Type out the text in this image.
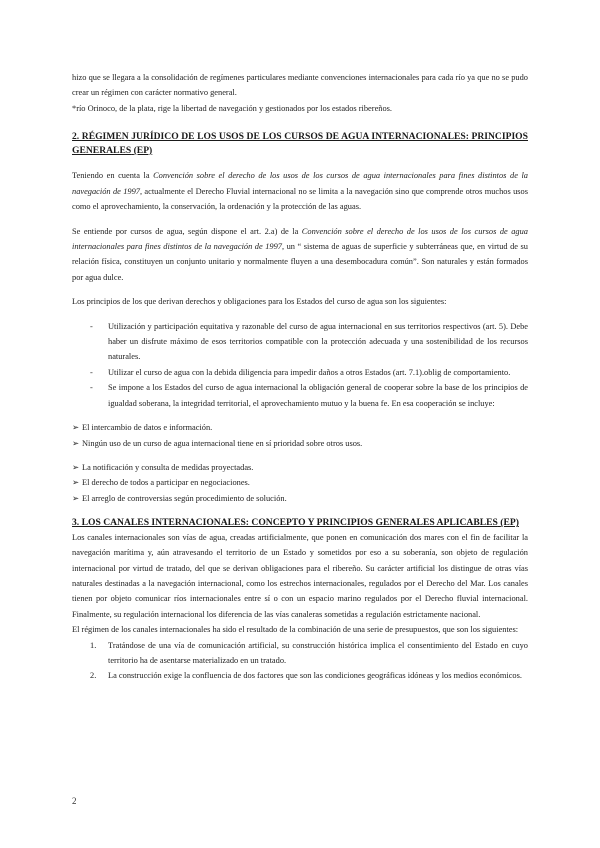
hizo que se llegara a la consolidación de regímenes particulares mediante convenciones internacionales para cada río ya que no se pudo crear un régimen con carácter normativo general.

*río Orinoco, de la plata, rige la libertad de navegación y gestionados por los estados ribereños.

2. RÉGIMEN JURÍDICO DE LOS USOS DE LOS CURSOS DE AGUA INTERNACIONALES: PRINCIPIOS GENERALES (EP)

Teniendo en cuenta la Convención sobre el derecho de los usos de los cursos de agua internacionales para fines distintos de la navegación de 1997, actualmente el Derecho Fluvial internacional no se limita a la navegación sino que comprende otros muchos usos como el aprovechamiento, la conservación, la ordenación y la protección de las aguas.

Se entiende por cursos de agua, según dispone el art. 2.a) de la Convención sobre el derecho de los usos de los cursos de agua internacionales para fines distintos de la navegación de 1997, un “ sistema de aguas de superficie y subterráneas que, en virtud de su relación física, constituyen un conjunto unitario y normalmente fluyen a una desembocadura común”. Son naturales y están formados por agua dulce.

Los principios de los que derivan derechos y obligaciones para los Estados del curso de agua son los siguientes:

- Utilización y participación equitativa y razonable del curso de agua internacional en sus territorios respectivos (art. 5). Debe haber un disfrute máximo de esos territorios compatible con la protección adecuada y una sostenibilidad de los recursos naturales.
- Utilizar el curso de agua con la debida diligencia para impedir daños a otros Estados (art. 7.1).oblig de comportamiento.
- Se impone a los Estados del curso de agua internacional la obligación general de cooperar sobre la base de los principios de igualdad soberana, la integridad territorial, el aprovechamiento mutuo y la buena fe. En esa cooperación se incluye:
➢ El intercambio de datos e información.
➢ Ningún uso de un curso de agua internacional tiene en sí prioridad sobre otros usos.
➢ La notificación y consulta de medidas proyectadas.
➢ El derecho de todos a participar en negociaciones.
➢ El arreglo de controversias según procedimiento de solución.
3. LOS CANALES INTERNACIONALES: CONCEPTO Y PRINCIPIOS GENERALES APLICABLES (EP)

Los canales internacionales son vías de agua, creadas artificialmente, que ponen en comunicación dos mares con el fin de facilitar la navegación marítima y, aún atravesando el territorio de un Estado y sometidos por eso a su soberanía, son objeto de regulación internacional por virtud de tratado, del que se derivan obligaciones para el ribereño. Su carácter artificial los distingue de otras vías naturales destinadas a la navegación internacional, como los estrechos internacionales, regulados por el Derecho del Mar. Los canales tienen por objeto comunicar ríos internacionales entre sí o con un espacio marino regulados por el Derecho fluvial internacional. Finalmente, su regulación internacional los diferencia de las vías canaleras sometidas a regulación estrictamente nacional.

El régimen de los canales internacionales ha sido el resultado de la combinación de una serie de presupuestos, que son los siguientes:

1. Tratándose de una vía de comunicación artificial, su construcción histórica implica el consentimiento del Estado en cuyo territorio ha de asentarse materializado en un tratado.
2. La construcción exige la confluencia de dos factores que son las condiciones geográficas idóneas y los medios económicos.
2
